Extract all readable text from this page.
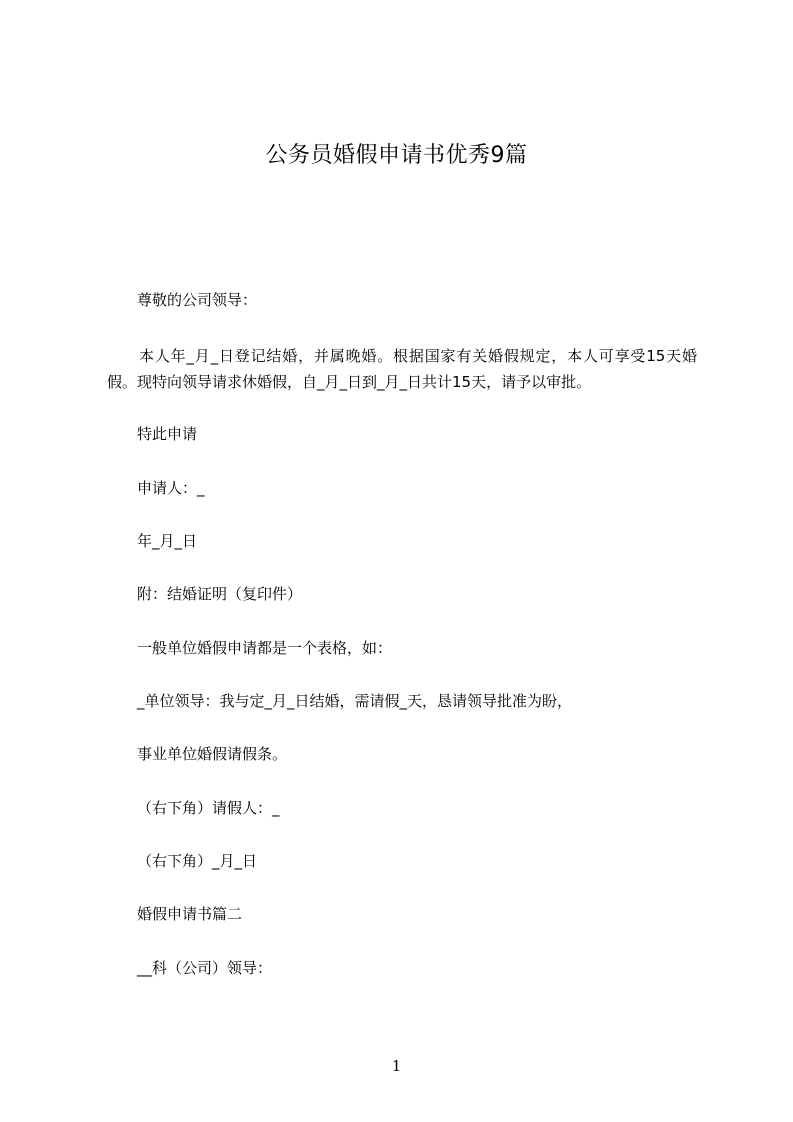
公务员婚假申请书优秀9篇
尊敬的公司领导：
本人年_月_日登记结婚，并属晚婚。根据国家有关婚假规定，本人可享受15天婚假。现特向领导请求休婚假，自_月_日到_月_日共计15天，请予以审批。
特此申请
申请人：_
年_月_日
附：结婚证明（复印件）
一般单位婚假申请都是一个表格，如：
_单位领导：我与定_月_日结婚，需请假_天，恳请领导批准为盼，
事业单位婚假请假条。
（右下角）请假人：_
（右下角）_月_日
婚假申请书篇二
__科（公司）领导：
1
